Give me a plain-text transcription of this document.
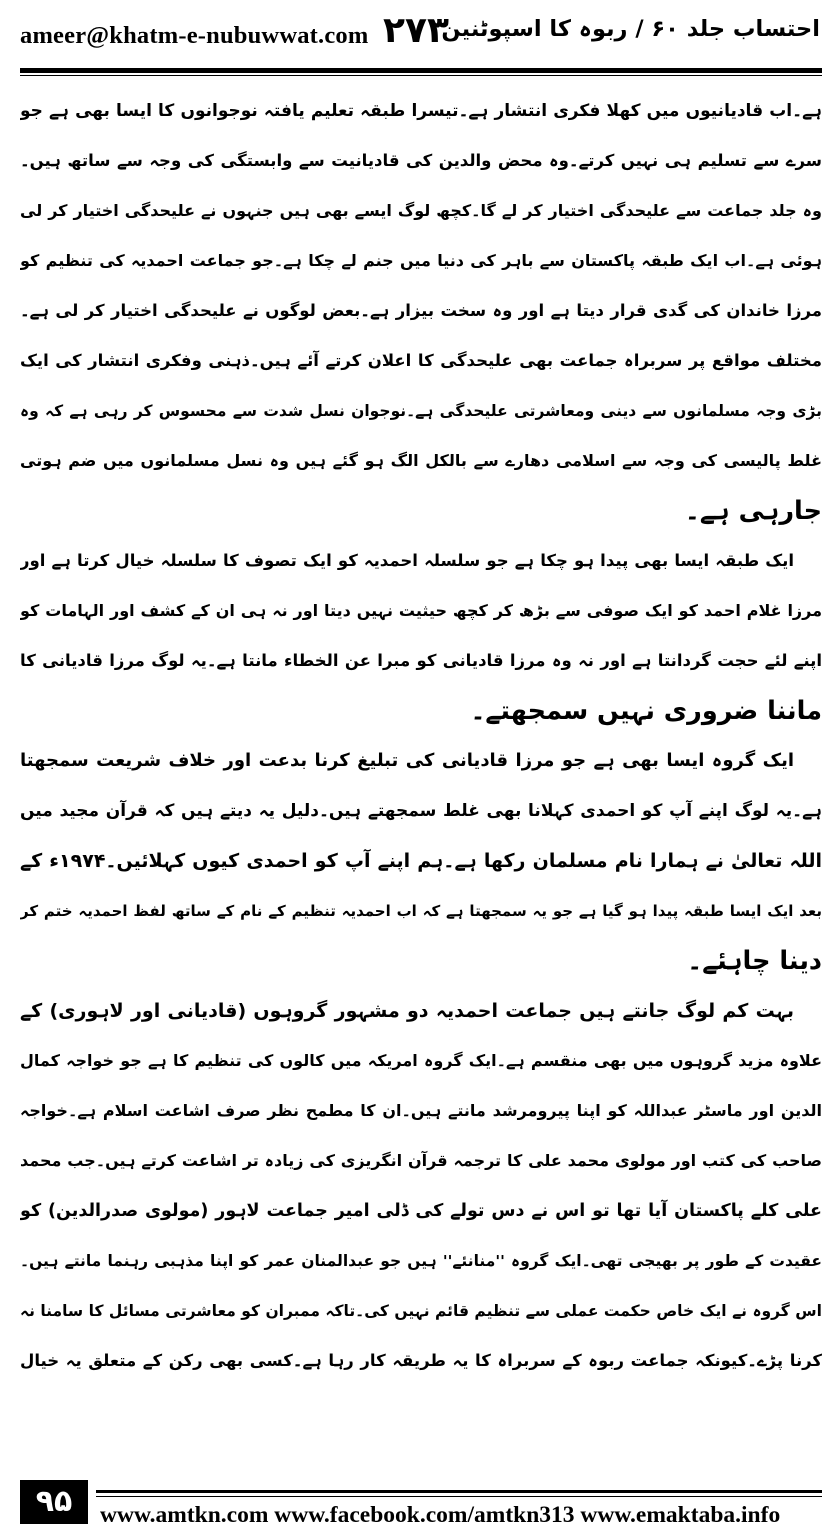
ameer@khatm-e-nubuwwat.com ۲۷۳
احتساب جلد ۶۰ / ربوہ کا اسپوٹنین
ہے۔اب قادیانیوں میں کھلا فکری انتشار ہے۔تیسرا طبقہ تعلیم یافتہ نوجوانوں کا ایسا بھی ہے جو
سرے سے تسلیم ہی نہیں کرتے۔وہ محض والدین کی قادیانیت سے وابستگی کی وجہ سے ساتھ ہیں۔
وہ جلد جماعت سے علیحدگی اختیار کر لے گا۔کچھ لوگ ایسے بھی ہیں جنہوں نے علیحدگی اختیار کر لی
ہوئی ہے۔اب ایک طبقہ پاکستان سے باہر کی دنیا میں جنم لے چکا ہے۔جو جماعت احمدیہ کی تنظیم کو
مرزا خاندان کی گدی قرار دیتا ہے اور وہ سخت بیزار ہے۔بعض لوگوں نے علیحدگی اختیار کر لی ہے۔
مختلف مواقع پر سربراہ جماعت بھی علیحدگی کا اعلان کرتے آئے ہیں۔ذہنی وفکری انتشار کی ایک
بڑی وجہ مسلمانوں سے دینی ومعاشرتی علیحدگی ہے۔نوجوان نسل شدت سے محسوس کر رہی ہے کہ وہ
غلط پالیسی کی وجہ سے اسلامی دھارے سے بالکل الگ ہو گئے ہیں وہ نسل مسلمانوں میں ضم ہوتی
جارہی ہے۔
ایک طبقہ ایسا بھی پیدا ہو چکا ہے جو سلسلہ احمدیہ کو ایک تصوف کا سلسلہ خیال کرتا ہے اور
مرزا غلام احمد کو ایک صوفی سے بڑھ کر کچھ حیثیت نہیں دیتا اور نہ ہی ان کے کشف اور الہامات کو
اپنے لئے حجت گردانتا ہے اور نہ وہ مرزا قادیانی کو مبرا عن الخطاء مانتا ہے۔یہ لوگ مرزا قادیانی کا
ماننا ضروری نہیں سمجھتے۔
ایک گروہ ایسا بھی ہے جو مرزا قادیانی کی تبلیغ کرنا بدعت اور خلاف شریعت سمجھتا
ہے۔یہ لوگ اپنے آپ کو احمدی کہلانا بھی غلط سمجھتے ہیں۔دلیل یہ دیتے ہیں کہ قرآن مجید میں
اللہ تعالیٰ نے ہمارا نام مسلمان رکھا ہے۔ہم اپنے آپ کو احمدی کیوں کہلائیں۔۱۹۷۴ء کے
بعد ایک ایسا طبقہ پیدا ہو گیا ہے جو یہ سمجھتا ہے کہ اب احمدیہ تنظیم کے نام کے ساتھ لفظ احمدیہ ختم کر
دینا چاہئے۔
بہت کم لوگ جانتے ہیں جماعت احمدیہ دو مشہور گروہوں (قادیانی اور لاہوری) کے
علاوہ مزید گروہوں میں بھی منقسم ہے۔ایک گروہ امریکہ میں کالوں کی تنظیم کا ہے جو خواجہ کمال
الدین اور ماسٹر عبداللہ کو اپنا پیرومرشد مانتے ہیں۔ان کا مطمح نظر صرف اشاعت اسلام ہے۔خواجہ
صاحب کی کتب اور مولوی محمد علی کا ترجمہ قرآن انگریزی کی زیادہ تر اشاعت کرتے ہیں۔جب محمد
علی کلے پاکستان آیا تھا تو اس نے دس تولے کی ڈلی امیر جماعت لاہور (مولوی صدرالدین) کو
عقیدت کے طور پر بھیجی تھی۔ایک گروہ ''منانئے'' ہیں جو عبدالمنان عمر کو اپنا مذہبی رہنما مانتے ہیں۔
اس گروہ نے ایک خاص حکمت عملی سے تنظیم قائم نہیں کی۔تاکہ ممبران کو معاشرتی مسائل کا سامنا نہ
کرنا پڑے۔کیونکہ جماعت ربوہ کے سربراہ کا یہ طریقہ کار رہا ہے۔کسی بھی رکن کے متعلق یہ خیال
۹۵	www.amtkn.com www.facebook.com/amtkn313 www.emaktaba.info
